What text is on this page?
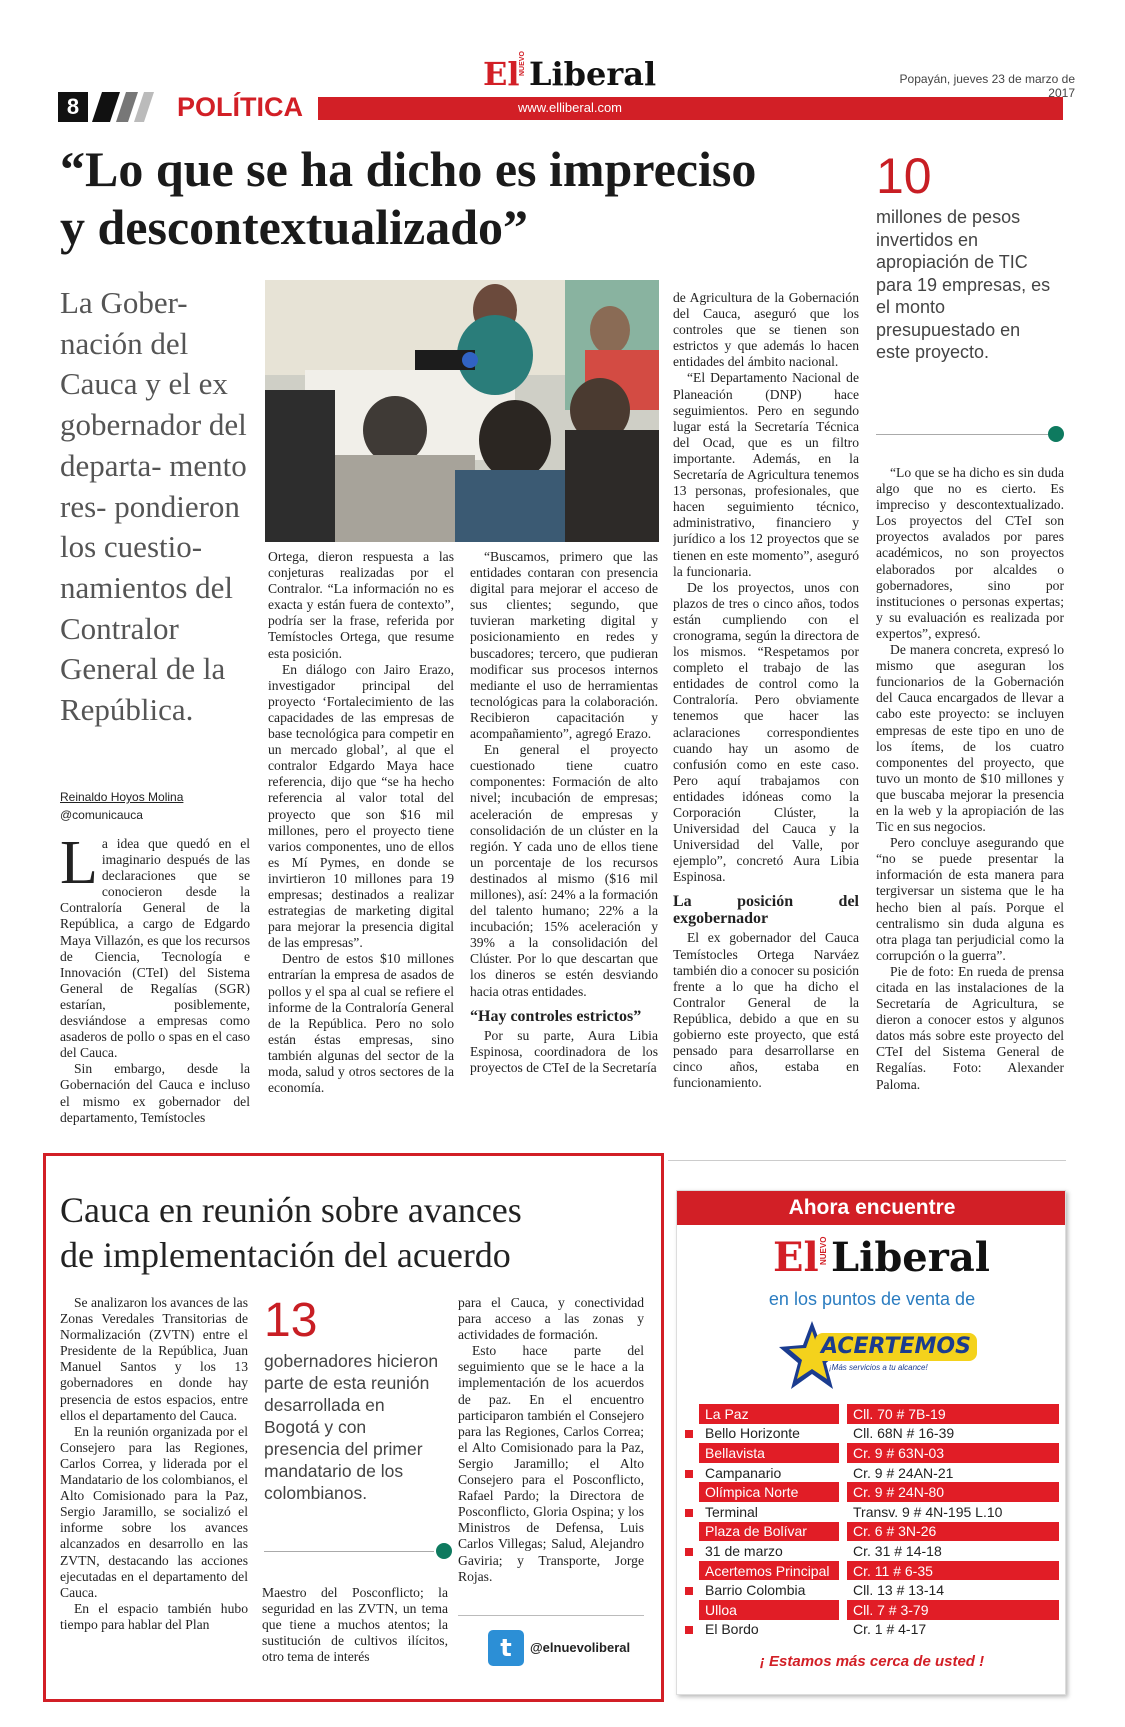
8	POLÍTICA	www.elliberal.com
El NUEVO Liberal	Popayán, jueves 23 de marzo de 2017
“Lo que se ha dicho es impreciso
y descontextualizado”
La Gober- nación del Cauca y el ex gobernador del departa- mento res- pondieron los cuestio- namientos del Contralor General de la República.
Reinaldo Hoyos Molina
@comunicauca
L a idea que quedó en el imaginario después de las declaraciones que se conocieron desde la Contraloría General de la República, a cargo de Edgardo Maya Villazón, es que los recursos de Ciencia, Tecnología e Innovación (CTeI) del Sistema General de Regalías (SGR) estarían, posiblemente, desviándose a empresas como asaderos de pollo o spas en el caso del Cauca.

Sin embargo, desde la Gobernación del Cauca e incluso el mismo ex gobernador del departamento, Temístocles

Ortega, dieron respuesta a las conjeturas realizadas por el Contralor. “La información no es exacta y están fuera de contexto”, podría ser la frase, referida por Temístocles Ortega, que resume esta posición.

En diálogo con Jairo Erazo, investigador principal del proyecto ‘Fortalecimiento de las capacidades de las empresas de base tecnológica para competir en un mercado global’, al que el contralor Edgardo Maya hace referencia, dijo que “se ha hecho referencia al valor total del proyecto que son $16 mil millones, pero el proyecto tiene varios componentes, uno de ellos es Mí Pymes, en donde se invirtieron 10 millones para 19 empresas; destinados a realizar estrategias de marketing digital para mejorar la presencia digital de las empresas”.

Dentro de estos $10 millones entrarían la empresa de asados de pollos y el spa al cual se refiere el informe de la Contraloría General de la República. Pero no solo están éstas empresas, sino también algunas del sector de la moda, salud y otros sectores de la economía.

“Buscamos, primero que las entidades contaran con presencia digital para mejorar el acceso de sus clientes; segundo, que tuvieran marketing digital y posicionamiento en redes y buscadores; tercero, que pudieran modificar sus procesos internos mediante el uso de herramientas tecnológicas para la colaboración. Recibieron capacitación y acompañamiento”, agregó Erazo.

En general el proyecto cuestionado tiene cuatro componentes: Formación de alto nivel; incubación de empresas; aceleración de empresas y consolidación de un clúster en la región. Y cada uno de ellos tiene un porcentaje de los recursos destinados al mismo ($16 mil millones), así: 24% a la formación del talento humano; 22% a la incubación; 15% aceleración y 39% a la consolidación del Clúster. Por lo que descartan que los dineros se estén desviando hacia otras entidades.

“Hay controles estrictos”

Por su parte, Aura Libia Espinosa, coordinadora de los proyectos de CTeI de la Secretaría

de Agricultura de la Gobernación del Cauca, aseguró que los controles que se tienen son estrictos y que además lo hacen entidades del ámbito nacional.

“El Departamento Nacional de Planeación (DNP) hace seguimientos. Pero en segundo lugar está la Secretaría Técnica del Ocad, que es un filtro importante. Además, en la Secretaría de Agricultura tenemos 13 personas, profesionales, que hacen seguimiento técnico, administrativo, financiero y jurídico a los 12 proyectos que se tienen en este momento”, aseguró la funcionaria.

De los proyectos, unos con plazos de tres o cinco años, todos están cumpliendo con el cronograma, según la directora de los mismos. “Respetamos por completo el trabajo de las entidades de control como la Contraloría. Pero obviamente tenemos que hacer las aclaraciones correspondientes cuando hay un asomo de confusión como en este caso. Pero aquí trabajamos con entidades idóneas como la Corporación Clúster, la Universidad del Cauca y la Universidad del Valle, por ejemplo”, concretó Aura Libia Espinosa.

La posición del exgobernador

El ex gobernador del Cauca Temístocles Ortega Narváez también dio a conocer su posición frente a lo que ha dicho el Contralor General de la República, debido a que en su gobierno este proyecto, que está pensado para desarrollarse en cinco años, estaba en funcionamiento.

10
millones de pesos invertidos en apropiación de TIC para 19 empresas, es el monto presupuestado en este proyecto.

“Lo que se ha dicho es sin duda algo que no es cierto. Es impreciso y descontextualizado. Los proyectos del CTeI son proyectos avalados por pares académicos, no son proyectos elaborados por alcaldes o gobernadores, sino por instituciones o personas expertas; y su evaluación es realizada por expertos”, expresó.

De manera concreta, expresó lo mismo que aseguran los funcionarios de la Gobernación del Cauca encargados de llevar a cabo este proyecto: se incluyen empresas de este tipo en uno de los ítems, de los cuatro componentes del proyecto, que tuvo un monto de $10 millones y que buscaba mejorar la presencia en la web y la apropiación de las Tic en sus negocios.

Pero concluye asegurando que “no se puede presentar la información de esta manera para tergiversar un sistema que le ha hecho bien al país. Porque el centralismo sin duda alguna es otra plaga tan perjudicial como la corrupción o la guerra”.

Pie de foto: En rueda de prensa citada en las instalaciones de la Secretaría de Agricultura, se dieron a conocer estos y algunos datos más sobre este proyecto del CTeI del Sistema General de Regalías. Foto: Alexander Paloma.

Cauca en reunión sobre avances
de implementación del acuerdo

Se analizaron los avances de las Zonas Veredales Transitorias de Normalización (ZVTN) entre el Presidente de la República, Juan Manuel Santos y los 13 gobernadores en donde hay presencia de estos espacios, entre ellos el departamento del Cauca.

En la reunión organizada por el Consejero para las Regiones, Carlos Correa, y liderada por el Mandatario de los colombianos, el Alto Comisionado para la Paz, Sergio Jaramillo, se socializó el informe sobre los avances alcanzados en desarrollo en las ZVTN, destacando las acciones ejecutadas en el departamento del Cauca.

En el espacio también hubo tiempo para hablar del Plan

13
gobernadores hicieron parte de esta reunión desarrollada en Bogotá y con presencia del primer mandatario de los colombianos.

Maestro del Posconflicto; la seguridad en las ZVTN, un tema que tiene a muchos atentos; la sustitución de cultivos ilícitos, otro tema de interés

para el Cauca, y conectividad para acceso a las zonas y actividades de formación.

Esto hace parte del seguimiento que se le hace a la implementación de los acuerdos de paz. En el encuentro participaron también el Consejero para las Regiones, Carlos Correa; el Alto Comisionado para la Paz, Sergio Jaramillo; el Alto Consejero para el Posconflicto, Rafael Pardo; la Directora de Posconflicto, Gloria Ospina; y los Ministros de Defensa, Luis Carlos Villegas; Salud, Alejandro Gaviria; y Transporte, Jorge Rojas.

t	@elnuevoliberal
Ahora encuentre
El NUEVO Liberal
en los puntos de venta de
ACERTEMOS
¡Más servicios a tu alcance!
	La Paz		Cll. 70 # 7B-19
	Bello Horizonte		Cll. 68N # 16-39
	Bellavista		Cr. 9 # 63N-03
	Campanario		Cr. 9 # 24AN-21
	Olímpica Norte		Cr. 9 # 24N-80
	Terminal		Transv. 9 # 4N-195 L.10
	Plaza de Bolívar		Cr. 6 # 3N-26
	31 de marzo		Cr. 31 # 14-18
	Acertemos Principal		Cr. 11 # 6-35
	Barrio Colombia		Cll. 13 # 13-14
	Ulloa		Cll. 7 # 3-79
	El Bordo		Cr. 1 # 4-17
¡ Estamos más cerca de usted !
